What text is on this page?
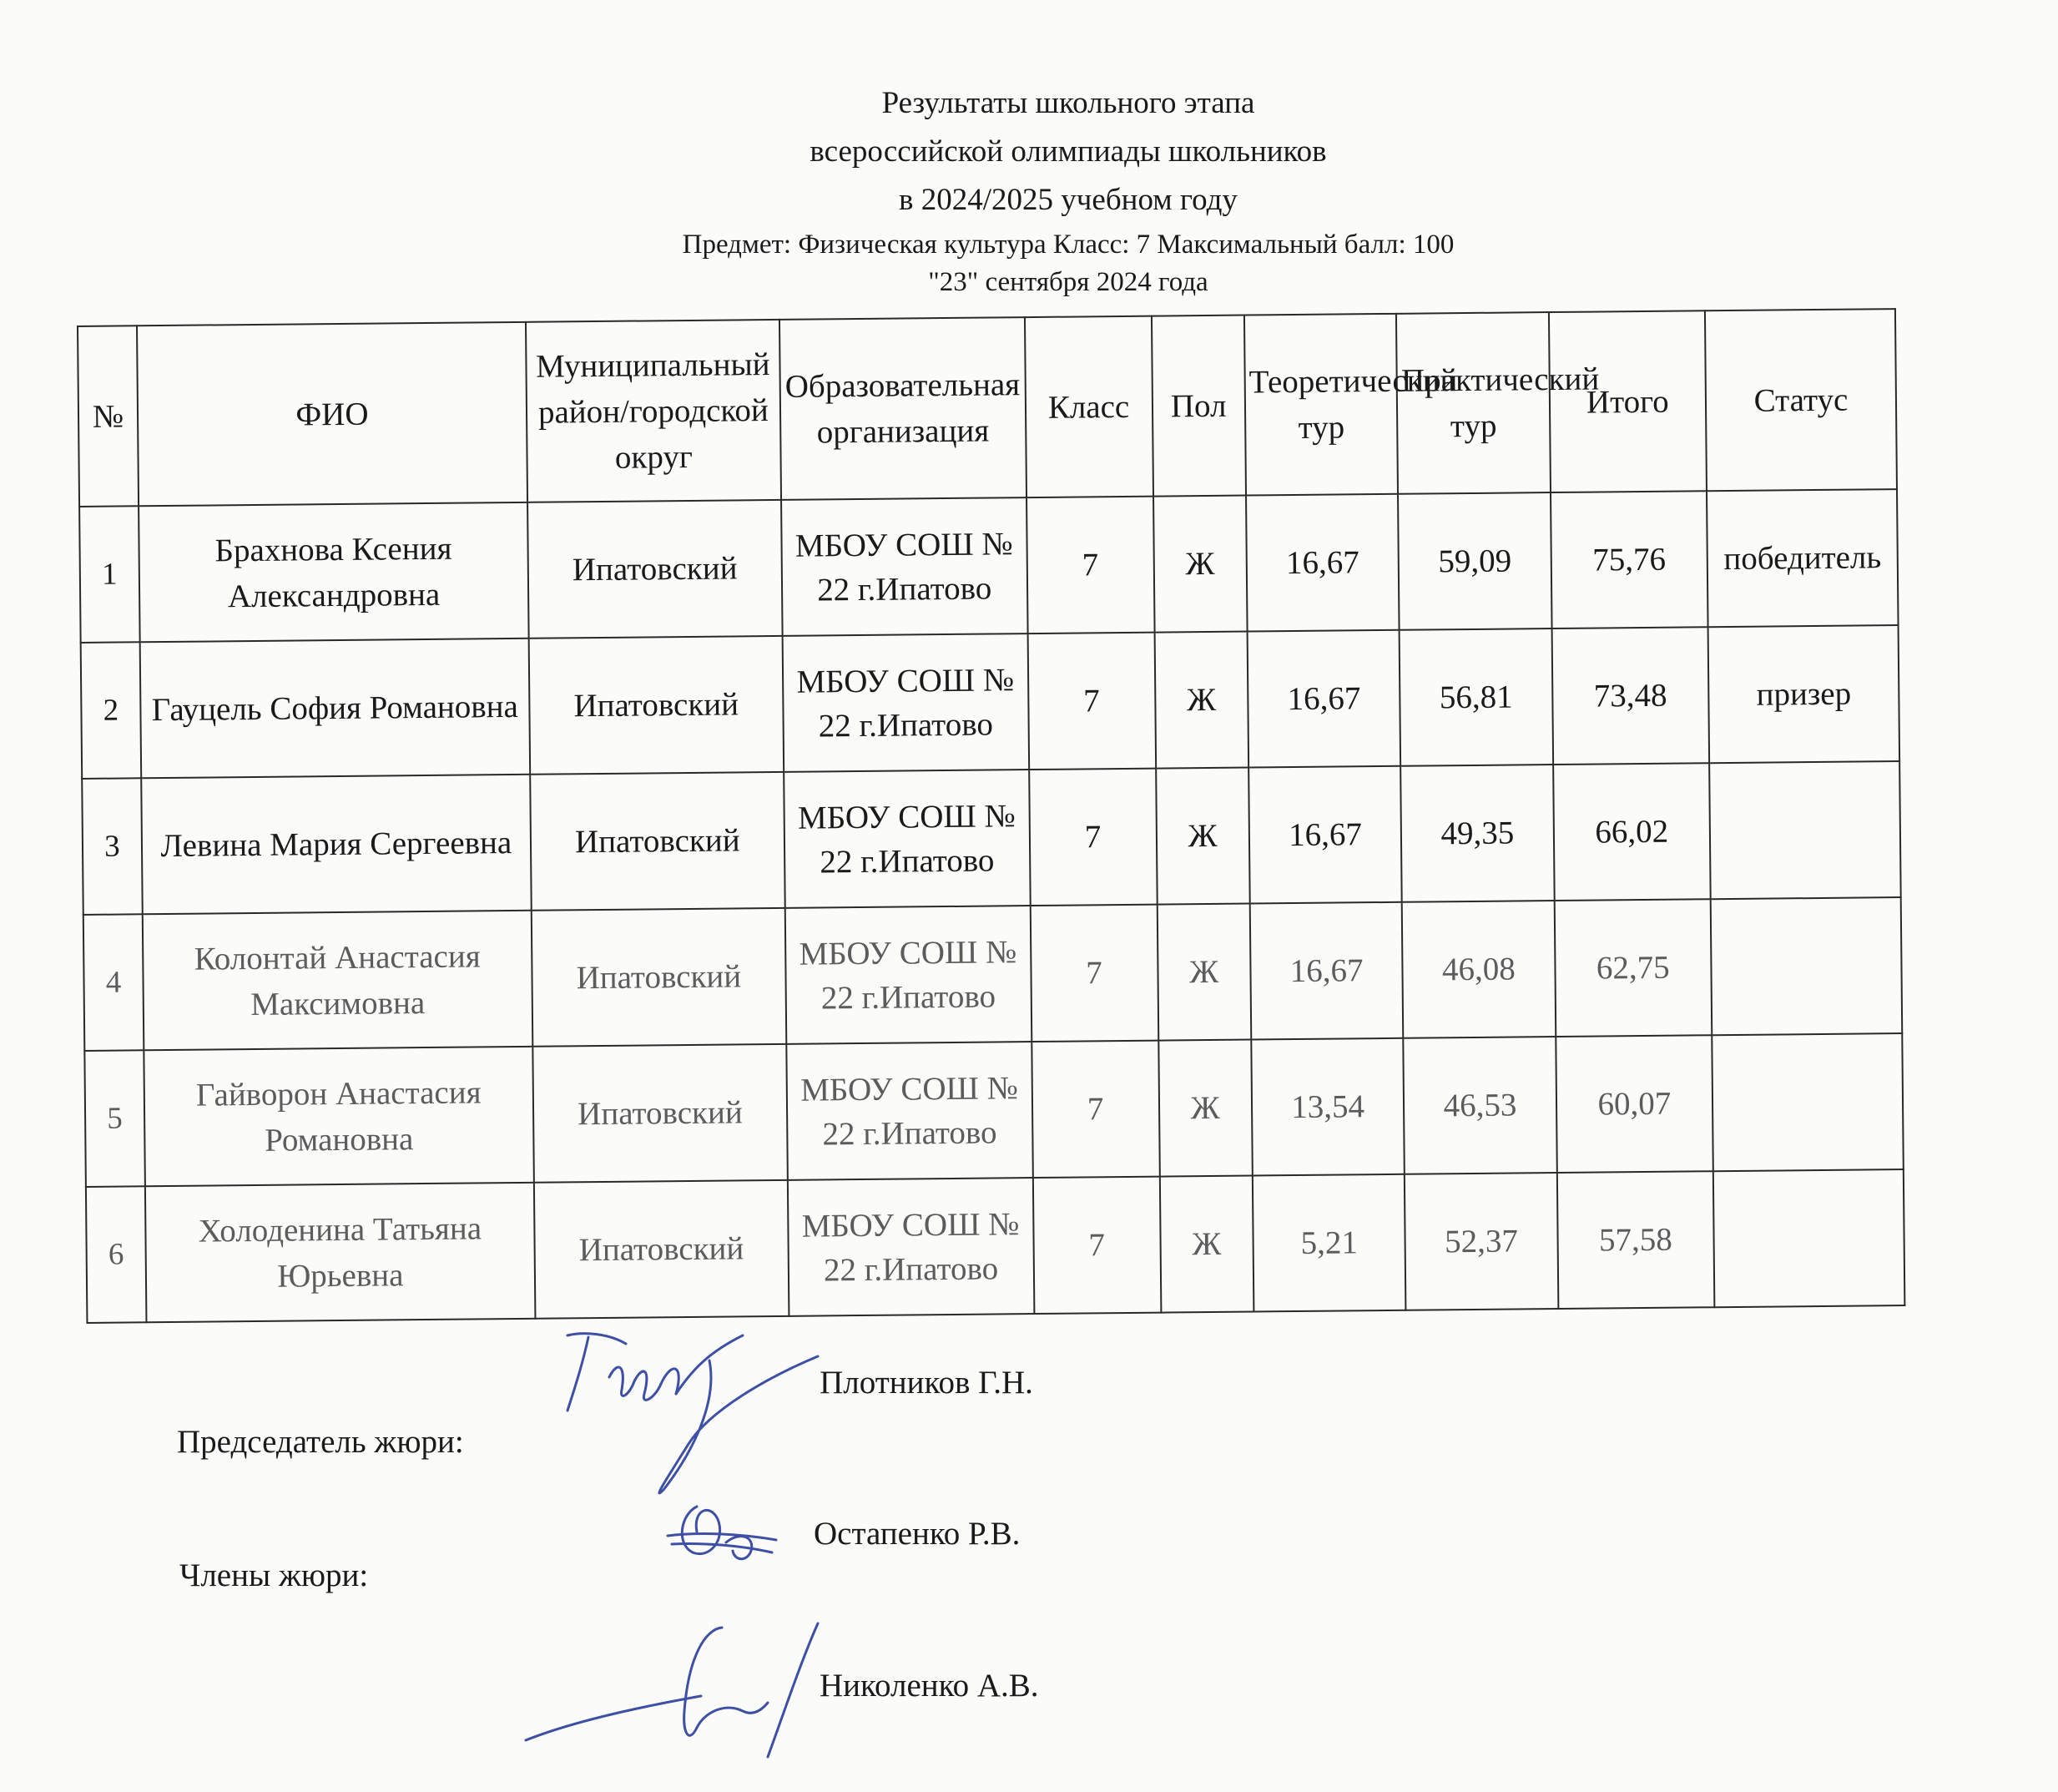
Результаты школьного этапа
всероссийской олимпиады школьников
в 2024/2025 учебном году
Предмет: Физическая культура Класс: 7 Максимальный балл: 100
"23" сентября 2024 года
№	ФИО	Муниципальный район/городской округ	Образовательная организация	Класс	Пол	Теоретический тур	Практический тур	Итого	Статус
1	Брахнова Ксения Александровна	Ипатовский	МБОУ СОШ № 22 г.Ипатово	7	Ж	16,67	59,09	75,76	победитель
2	Гауцель София Романовна	Ипатовский	МБОУ СОШ № 22 г.Ипатово	7	Ж	16,67	56,81	73,48	призер
3	Левина Мария Сергеевна	Ипатовский	МБОУ СОШ № 22 г.Ипатово	7	Ж	16,67	49,35	66,02	
4	Колонтай Анастасия Максимовна	Ипатовский	МБОУ СОШ № 22 г.Ипатово	7	Ж	16,67	46,08	62,75	
5	Гайворон Анастасия Романовна	Ипатовский	МБОУ СОШ № 22 г.Ипатово	7	Ж	13,54	46,53	60,07	
6	Холоденина Татьяна Юрьевна	Ипатовский	МБОУ СОШ № 22 г.Ипатово	7	Ж	5,21	52,37	57,58	
Председатель жюри:
Плотников Г.Н.
Члены жюри:
Остапенко Р.В.
Николенко А.В.
